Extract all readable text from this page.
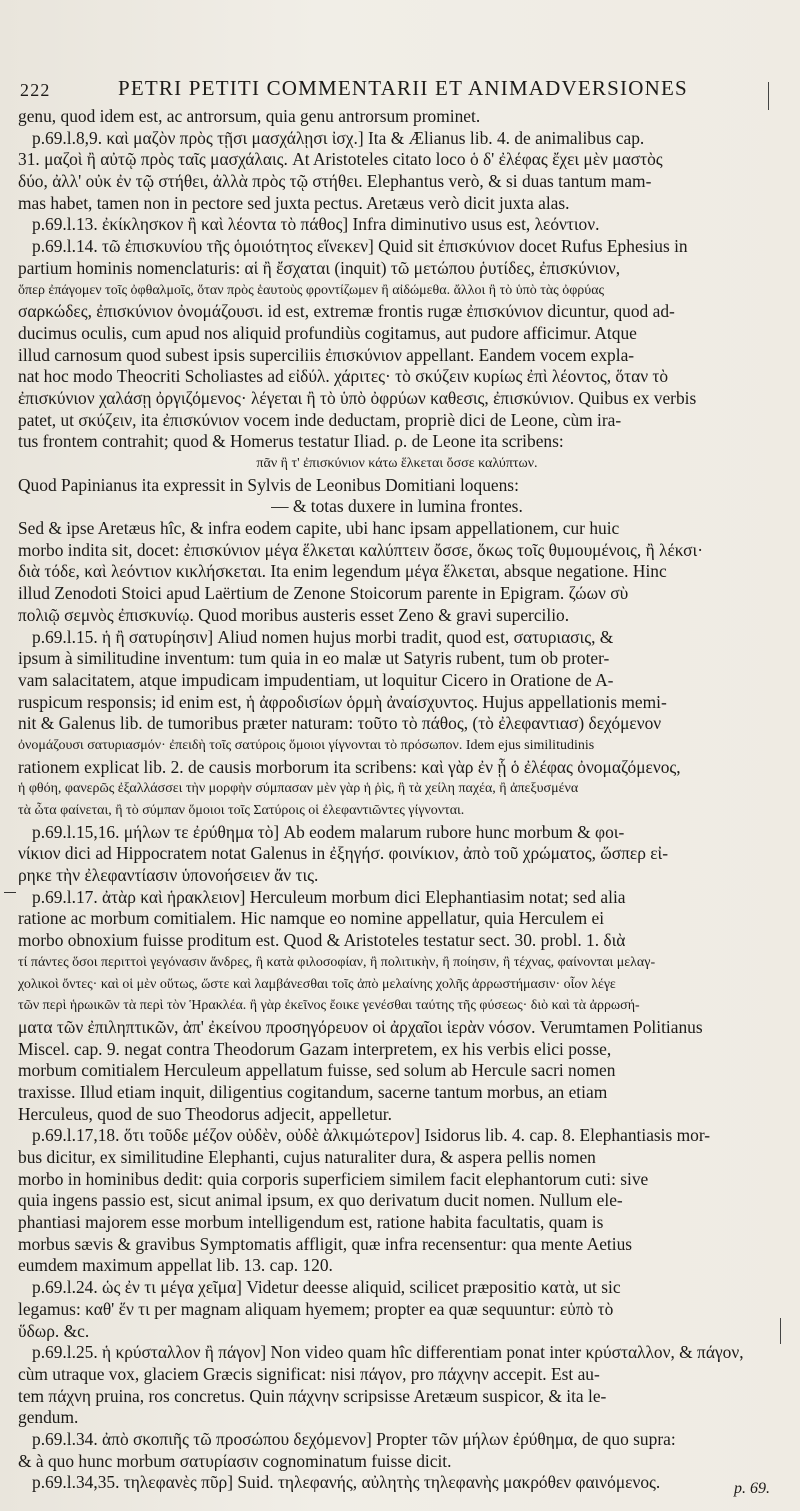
222	PETRI PETITI COMMENTARII ET ANIMADVERSIONES
genu, quod idem est, ac antrorsum, quia genu antrorsum prominet.
p.69.l.8,9. καὶ μαζὸν πρὸς τῇσι μασχάλῃσι ἰσχ.] Ita & Ælianus lib. 4. de animalibus cap.
31. μαζοὶ ἢ αὐτῷ πρὸς ταῖς μασχάλαις. At Aristoteles citato loco ὁ δ' ἐλέφας ἔχει μὲν μαστὸς
δύο, ἀλλ' οὐκ ἐν τῷ στήθει, ἀλλὰ πρὸς τῷ στήθει. Elephantus verò, & si duas tantum mam-
mas habet, tamen non in pectore sed juxta pectus. Aretæus verò dicit juxta alas.
p.69.l.13. ἐκίκλησκον ἢ καὶ λέοντα τὸ πάθος] Infra diminutivo usus est, λεόντιον.
p.69.l.14. τῶ ἐπισκυνίου τῆς ὁμοιότητος εἵνεκεν] Quid sit ἐπισκύνιον docet Rufus Ephesius in
partium hominis nomenclaturis: αἱ ἢ ἔσχαται (inquit) τῶ μετώπου ῥυτίδες, ἐπισκύνιον,
ὅπερ ἐπάγομεν τοῖς ὀφθαλμοῖς, ὅταν πρὸς ἑαυτοὺς φροντίζωμεν ἢ αἰδώμεθα. ἄλλοι ἢ τὸ ὑπὸ τὰς ὀφρύας
σαρκώδες, ἐπισκύνιον ὀνομάζουσι. id est, extremæ frontis rugæ ἐπισκύνιον dicuntur, quod ad-
ducimus oculis, cum apud nos aliquid profundiùs cogitamus, aut pudore afficimur. Atque
illud carnosum quod subest ipsis superciliis ἐπισκύνιον appellant. Eandem vocem expla-
nat hoc modo Theocriti Scholiastes ad εἰδύλ. χάριτες· τὸ σκύζειν κυρίως ἐπὶ λέοντος, ὅταν τὸ
ἐπισκύνιον χαλάσῃ ὀργιζόμενος· λέγεται ἢ τὸ ὑπὸ ὀφρύων καθεσις, ἐπισκύνιον. Quibus ex verbis
patet, ut σκύζειν, ita ἐπισκύνιον vocem inde deductam, propriè dici de Leone, cùm ira-
tus frontem contrahit; quod & Homerus testatur Iliad. ρ. de Leone ita scribens:
πᾶν ἢ τ' ἐπισκύνιον κάτω ἕλκεται ὄσσε καλύπτων.
Quod Papinianus ita expressit in Sylvis de Leonibus Domitiani loquens:
— & totas duxere in lumina frontes.
Sed & ipse Aretæus hîc, & infra eodem capite, ubi hanc ipsam appellationem, cur huic
morbo indita sit, docet: ἐπισκύνιον μέγα ἕλκεται καλύπτειν ὄσσε, ὅκως τοῖς θυμουμένοις, ἢ λέκσι·
διὰ τόδε, καὶ λεόντιον κικλήσκεται. Ita enim legendum μέγα ἕλκεται, absque negatione. Hinc
illud Zenodoti Stoici apud Laërtium de Zenone Stoicorum parente in Epigram. ζώων σὺ
πολιῷ σεμνὸς ἐπισκυνίῳ. Quod moribus austeris esset Zeno & gravi supercilio.
p.69.l.15. ἡ ἢ σατυρίησιν] Aliud nomen hujus morbi tradit, quod est, σατυριασις, &
ipsum à similitudine inventum: tum quia in eo malæ ut Satyris rubent, tum ob proter-
vam salacitatem, atque impudicam impudentiam, ut loquitur Cicero in Oratione de A-
ruspicum responsis; id enim est, ἡ ἀφροδισίων ὁρμὴ ἀναίσχυντος. Hujus appellationis memi-
nit & Galenus lib. de tumoribus præter naturam: τοῦτο τὸ πάθος, (τὸ ἐλεφαντιασ) δεχόμενον
ὀνομάζουσι σατυριασμόν· ἐπειδὴ τοῖς σατύροις ὅμοιοι γίγνονται τὸ πρόσωπον. Idem ejus similitudinis
rationem explicat lib. 2. de causis morborum ita scribens: καὶ γὰρ ἐν ᾗ ὁ ἐλέφας ὀνομαζόμενος,
ἡ φθόη, φανερῶς ἐξαλλάσσει τὴν μορφὴν σύμπασαν μὲν γὰρ ἡ ῥὶς, ἢ τὰ χείλη παχέα, ἢ ἀπεξυσμένα
τὰ ὦτα φαίνεται, ἢ τὸ σύμπαν ὅμοιοι τοῖς Σατύροις οἱ ἐλεφαντιῶντες γίγνονται.
p.69.l.15,16. μήλων τε ἐρύθημα τὸ] Ab eodem malarum rubore hunc morbum & φοι-
νίκιον dici ad Hippocratem notat Galenus in ἐξηγήσ. φοινίκιον, ἀπὸ τοῦ χρώματος, ὥσπερ εἰ-
ρηκε τὴν ἐλεφαντίασιν ὑπονοήσειεν ἄν τις.
p.69.l.17. ἀτὰρ καὶ ἡρακλειον] Herculeum morbum dici Elephantiasim notat; sed alia
ratione ac morbum comitialem. Hic namque eo nomine appellatur, quia Herculem ei
morbo obnoxium fuisse proditum est. Quod & Aristoteles testatur sect. 30. probl. 1. διὰ
τί πάντες ὅσοι περιττοὶ γεγόνασιν ἄνδρες, ἢ κατὰ φιλοσοφίαν, ἢ πολιτικὴν, ἢ ποίησιν, ἢ τέχνας, φαίνονται μελαγ-
χολικοὶ ὄντες· καὶ οἱ μὲν οὕτως, ὥστε καὶ λαμβάνεσθαι τοῖς ἀπὸ μελαίνης χολῆς ἀρρωστήμασιν· οἷον λέγε
τῶν περὶ ἡρωικῶν τὰ περὶ τὸν Ἡρακλέα. ἢ γὰρ ἐκεῖνος ἔοικε γενέσθαι ταύτης τῆς φύσεως· διὸ καὶ τὰ ἀρρωσή-
ματα τῶν ἐπιληπτικῶν, ἀπ' ἐκείνου προσηγόρευον οἱ ἀρχαῖοι ἱερὰν νόσον. Verumtamen Politianus
Miscel. cap. 9. negat contra Theodorum Gazam interpretem, ex his verbis elici posse,
morbum comitialem Herculeum appellatum fuisse, sed solum ab Hercule sacri nomen
traxisse. Illud etiam inquit, diligentius cogitandum, sacerne tantum morbus, an etiam
Herculeus, quod de suo Theodorus adjecit, appelletur.
p.69.l.17,18. ὅτι τοῦδε μέζον οὐδὲν, οὐδὲ ἀλκιμώτερον] Isidorus lib. 4. cap. 8. Elephantiasis mor-
bus dicitur, ex similitudine Elephanti, cujus naturaliter dura, & aspera pellis nomen
morbo in hominibus dedit: quia corporis superficiem similem facit elephantorum cuti: sive
quia ingens passio est, sicut animal ipsum, ex quo derivatum ducit nomen. Nullum ele-
phantiasi majorem esse morbum intelligendum est, ratione habita facultatis, quam is
morbus sævis & gravibus Symptomatis affligit, quæ infra recensentur: qua mente Aetius
eumdem maximum appellat lib. 13. cap. 120.
p.69.l.24. ὡς ἐν τι μέγα χεῖμα] Videtur deesse aliquid, scilicet præpositio κατὰ, ut sic
legamus: καθ' ἕν τι per magnam aliquam hyemem; propter ea quæ sequuntur: εὑπὸ τὸ
ὕδωρ. &c.
p.69.l.25. ἡ κρύσταλλον ἢ πάγον] Non video quam hîc differentiam ponat inter κρύσταλλον, & πάγον,
cùm utraque vox, glaciem Græcis significat: nisi πάγον, pro πάχνην accepit. Est au-
tem πάχνη pruina, ros concretus. Quin πάχνην scripsisse Aretæum suspicor, & ita le-
gendum.
p.69.l.34. ἀπὸ σκοπιῆς τῶ προσώπου δεχόμενον] Propter τῶν μήλων ἐρύθημα, de quo supra:
& à quo hunc morbum σατυρίασιν cognominatum fuisse dicit.
p.69.l.34,35. τηλεφανὲς πῦρ] Suid. τηλεφανής, αὐλητὴς τηλεφανὴς μακρόθεν φαινόμενος.	p. 69.
